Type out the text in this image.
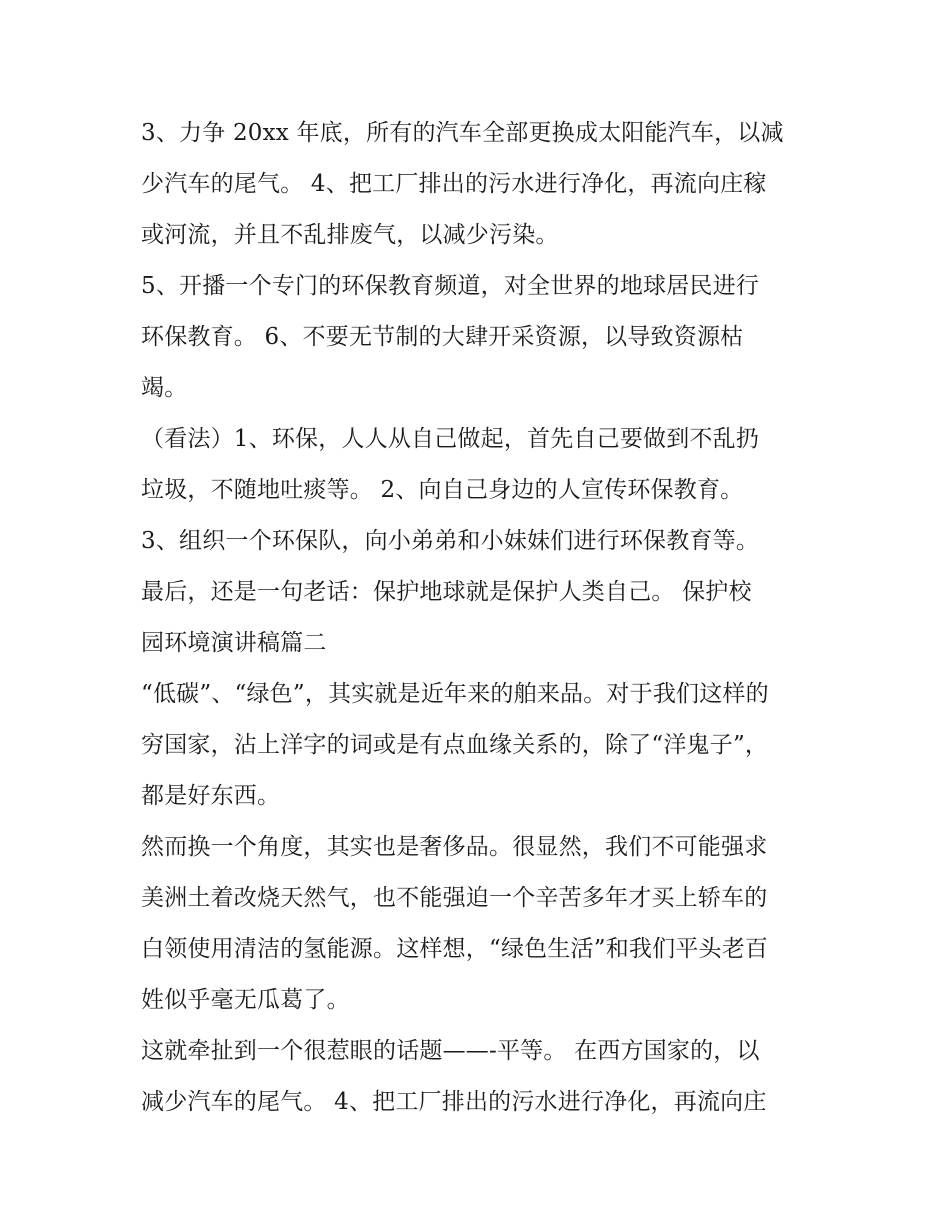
3、力争 20xx 年底，所有的汽车全部更换成太阳能汽车，以减
少汽车的尾气。 4、把工厂排出的污水进行净化，再流向庄稼
或河流，并且不乱排废气，以减少污染。
5、开播一个专门的环保教育频道，对全世界的地球居民进行
环保教育。 6、不要无节制的大肆开采资源，以导致资源枯
竭。
（看法）1、环保，人人从自己做起，首先自己要做到不乱扔
垃圾，不随地吐痰等。 2、向自己身边的人宣传环保教育。
3、组织一个环保队，向小弟弟和小妹妹们进行环保教育等。
最后，还是一句老话：保护地球就是保护人类自己。 保护校
园环境演讲稿篇二
“低碳”、“绿色”，其实就是近年来的舶来品。对于我们这样的
穷国家，沾上洋字的词或是有点血缘关系的，除了“洋鬼子”，
都是好东西。
然而换一个角度，其实也是奢侈品。很显然，我们不可能强求
美洲土着改烧天然气，也不能强迫一个辛苦多年才买上轿车的
白领使用清洁的氢能源。这样想，“绿色生活”和我们平头老百
姓似乎毫无瓜葛了。
这就牵扯到一个很惹眼的话题——-平等。 在西方国家的，以
减少汽车的尾气。 4、把工厂排出的污水进行净化，再流向庄
